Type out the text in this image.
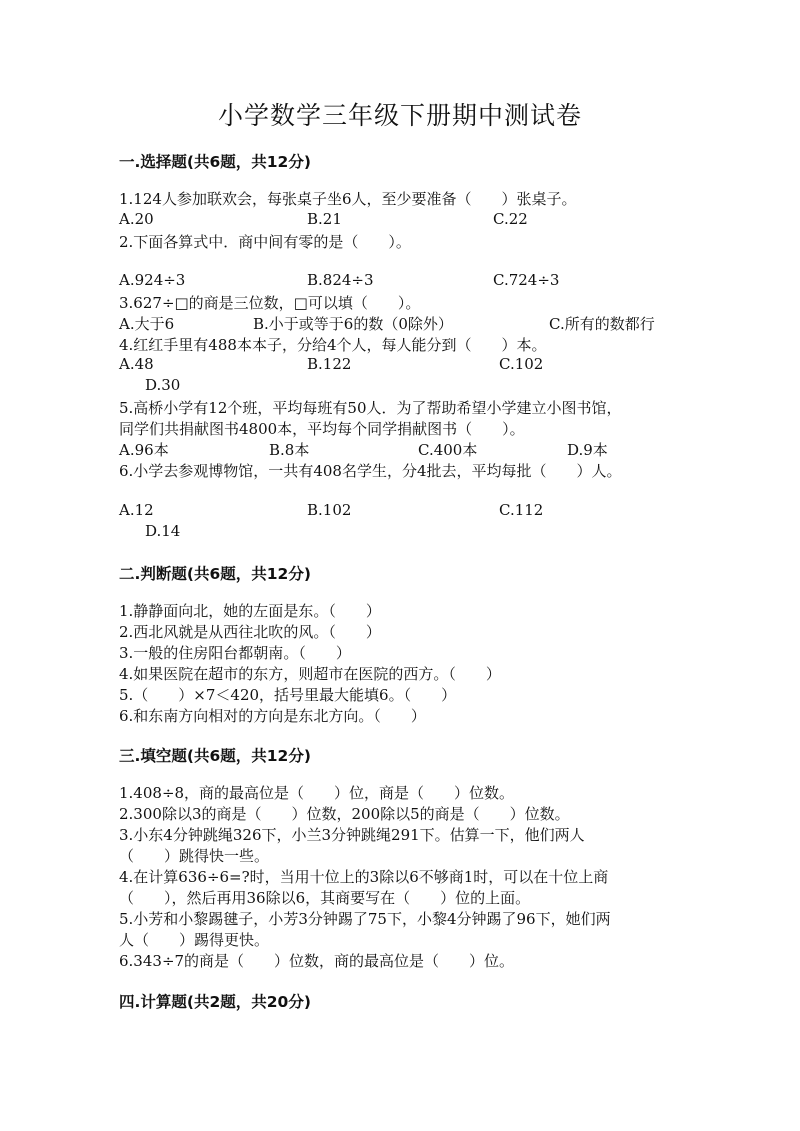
小学数学三年级下册期中测试卷
一.选择题(共6题，共12分)
1.124人参加联欢会，每张桌子坐6人，至少要准备（　　）张桌子。
A.20	B.21	C.22
2.下面各算式中．商中间有零的是（　　）。
A.924÷3	B.824÷3	C.724÷3
3.627÷□的商是三位数，□可以填（　　）。
A.大于6	B.小于或等于6的数（0除外）	C.所有的数都行
4.红红手里有488本本子，分给4个人，每人能分到（　　）本。
A.48	B.122	C.102
D.30
5.高桥小学有12个班，平均每班有50人．为了帮助希望小学建立小图书馆，
同学们共捐献图书4800本，平均每个同学捐献图书（　　）。
A.96本	B.8本	C.400本	D.9本
6.小学去参观博物馆，一共有408名学生，分4批去，平均每批（　　）人。
A.12	B.102	C.112
D.14
二.判断题(共6题，共12分)
1.静静面向北，她的左面是东。（　　）
2.西北风就是从西往北吹的风。（　　）
3.一般的住房阳台都朝南。（　　）
4.如果医院在超市的东方，则超市在医院的西方。（　　）
5.（　　）×7＜420，括号里最大能填6。（　　）
6.和东南方向相对的方向是东北方向。（　　）
三.填空题(共6题，共12分)
1.408÷8，商的最高位是（　　）位，商是（　　）位数。
2.300除以3的商是（　　）位数，200除以5的商是（　　）位数。
3.小东4分钟跳绳326下，小兰3分钟跳绳291下。估算一下，他们两人
（　　）跳得快一些。
4.在计算636÷6=?时，当用十位上的3除以6不够商1时，可以在十位上商
（　　），然后再用36除以6，其商要写在（　　）位的上面。
5.小芳和小黎踢毽子，小芳3分钟踢了75下，小黎4分钟踢了96下，她们两
人（　　）踢得更快。
6.343÷7的商是（　　）位数，商的最高位是（　　）位。
四.计算题(共2题，共20分)
